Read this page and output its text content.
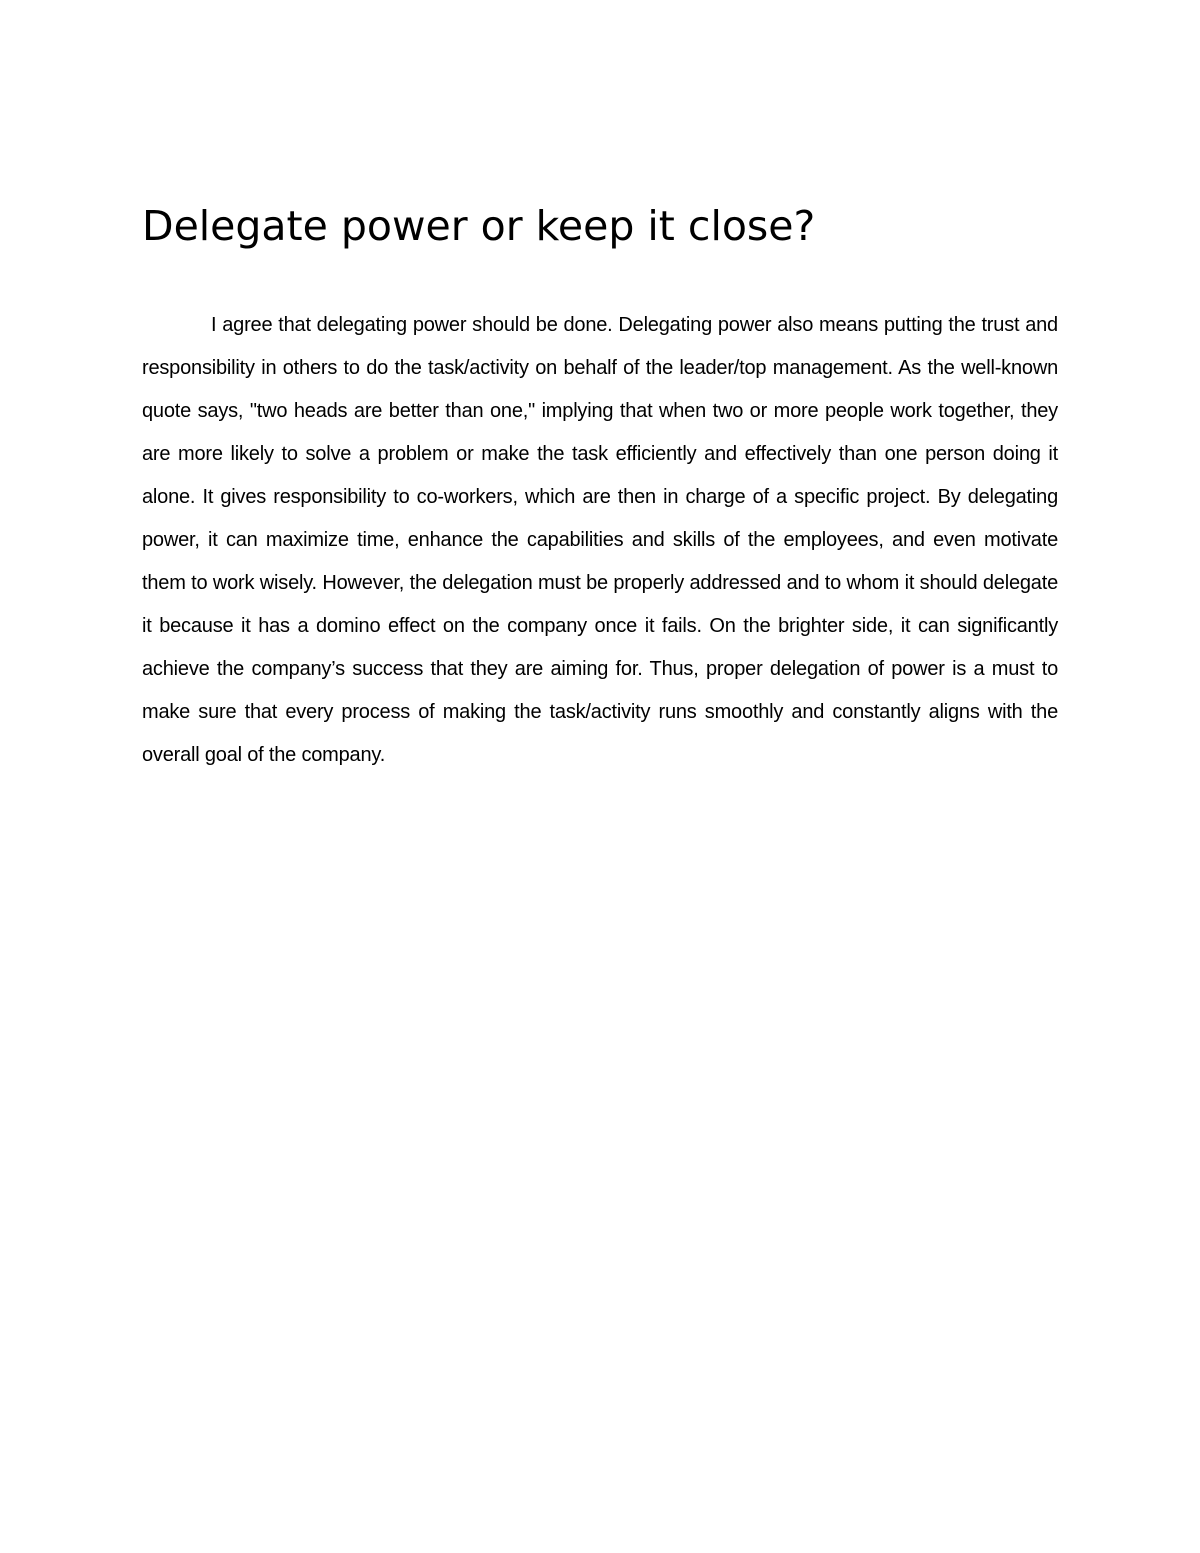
Delegate power or keep it close?

I agree that delegating power should be done. Delegating power also means putting the trust and responsibility in others to do the task/activity on behalf of the leader/top management. As the well-known quote says, "two heads are better than one," implying that when two or more people work together, they are more likely to solve a problem or make the task efficiently and effectively than one person doing it alone. It gives responsibility to co-workers, which are then in charge of a specific project. By delegating power, it can maximize time, enhance the capabilities and skills of the employees, and even motivate them to work wisely. However, the delegation must be properly addressed and to whom it should delegate it because it has a domino effect on the company once it fails. On the brighter side, it can significantly achieve the company’s success that they are aiming for. Thus, proper delegation of power is a must to make sure that every process of making the task/activity runs smoothly and constantly aligns with the overall goal of the company.
